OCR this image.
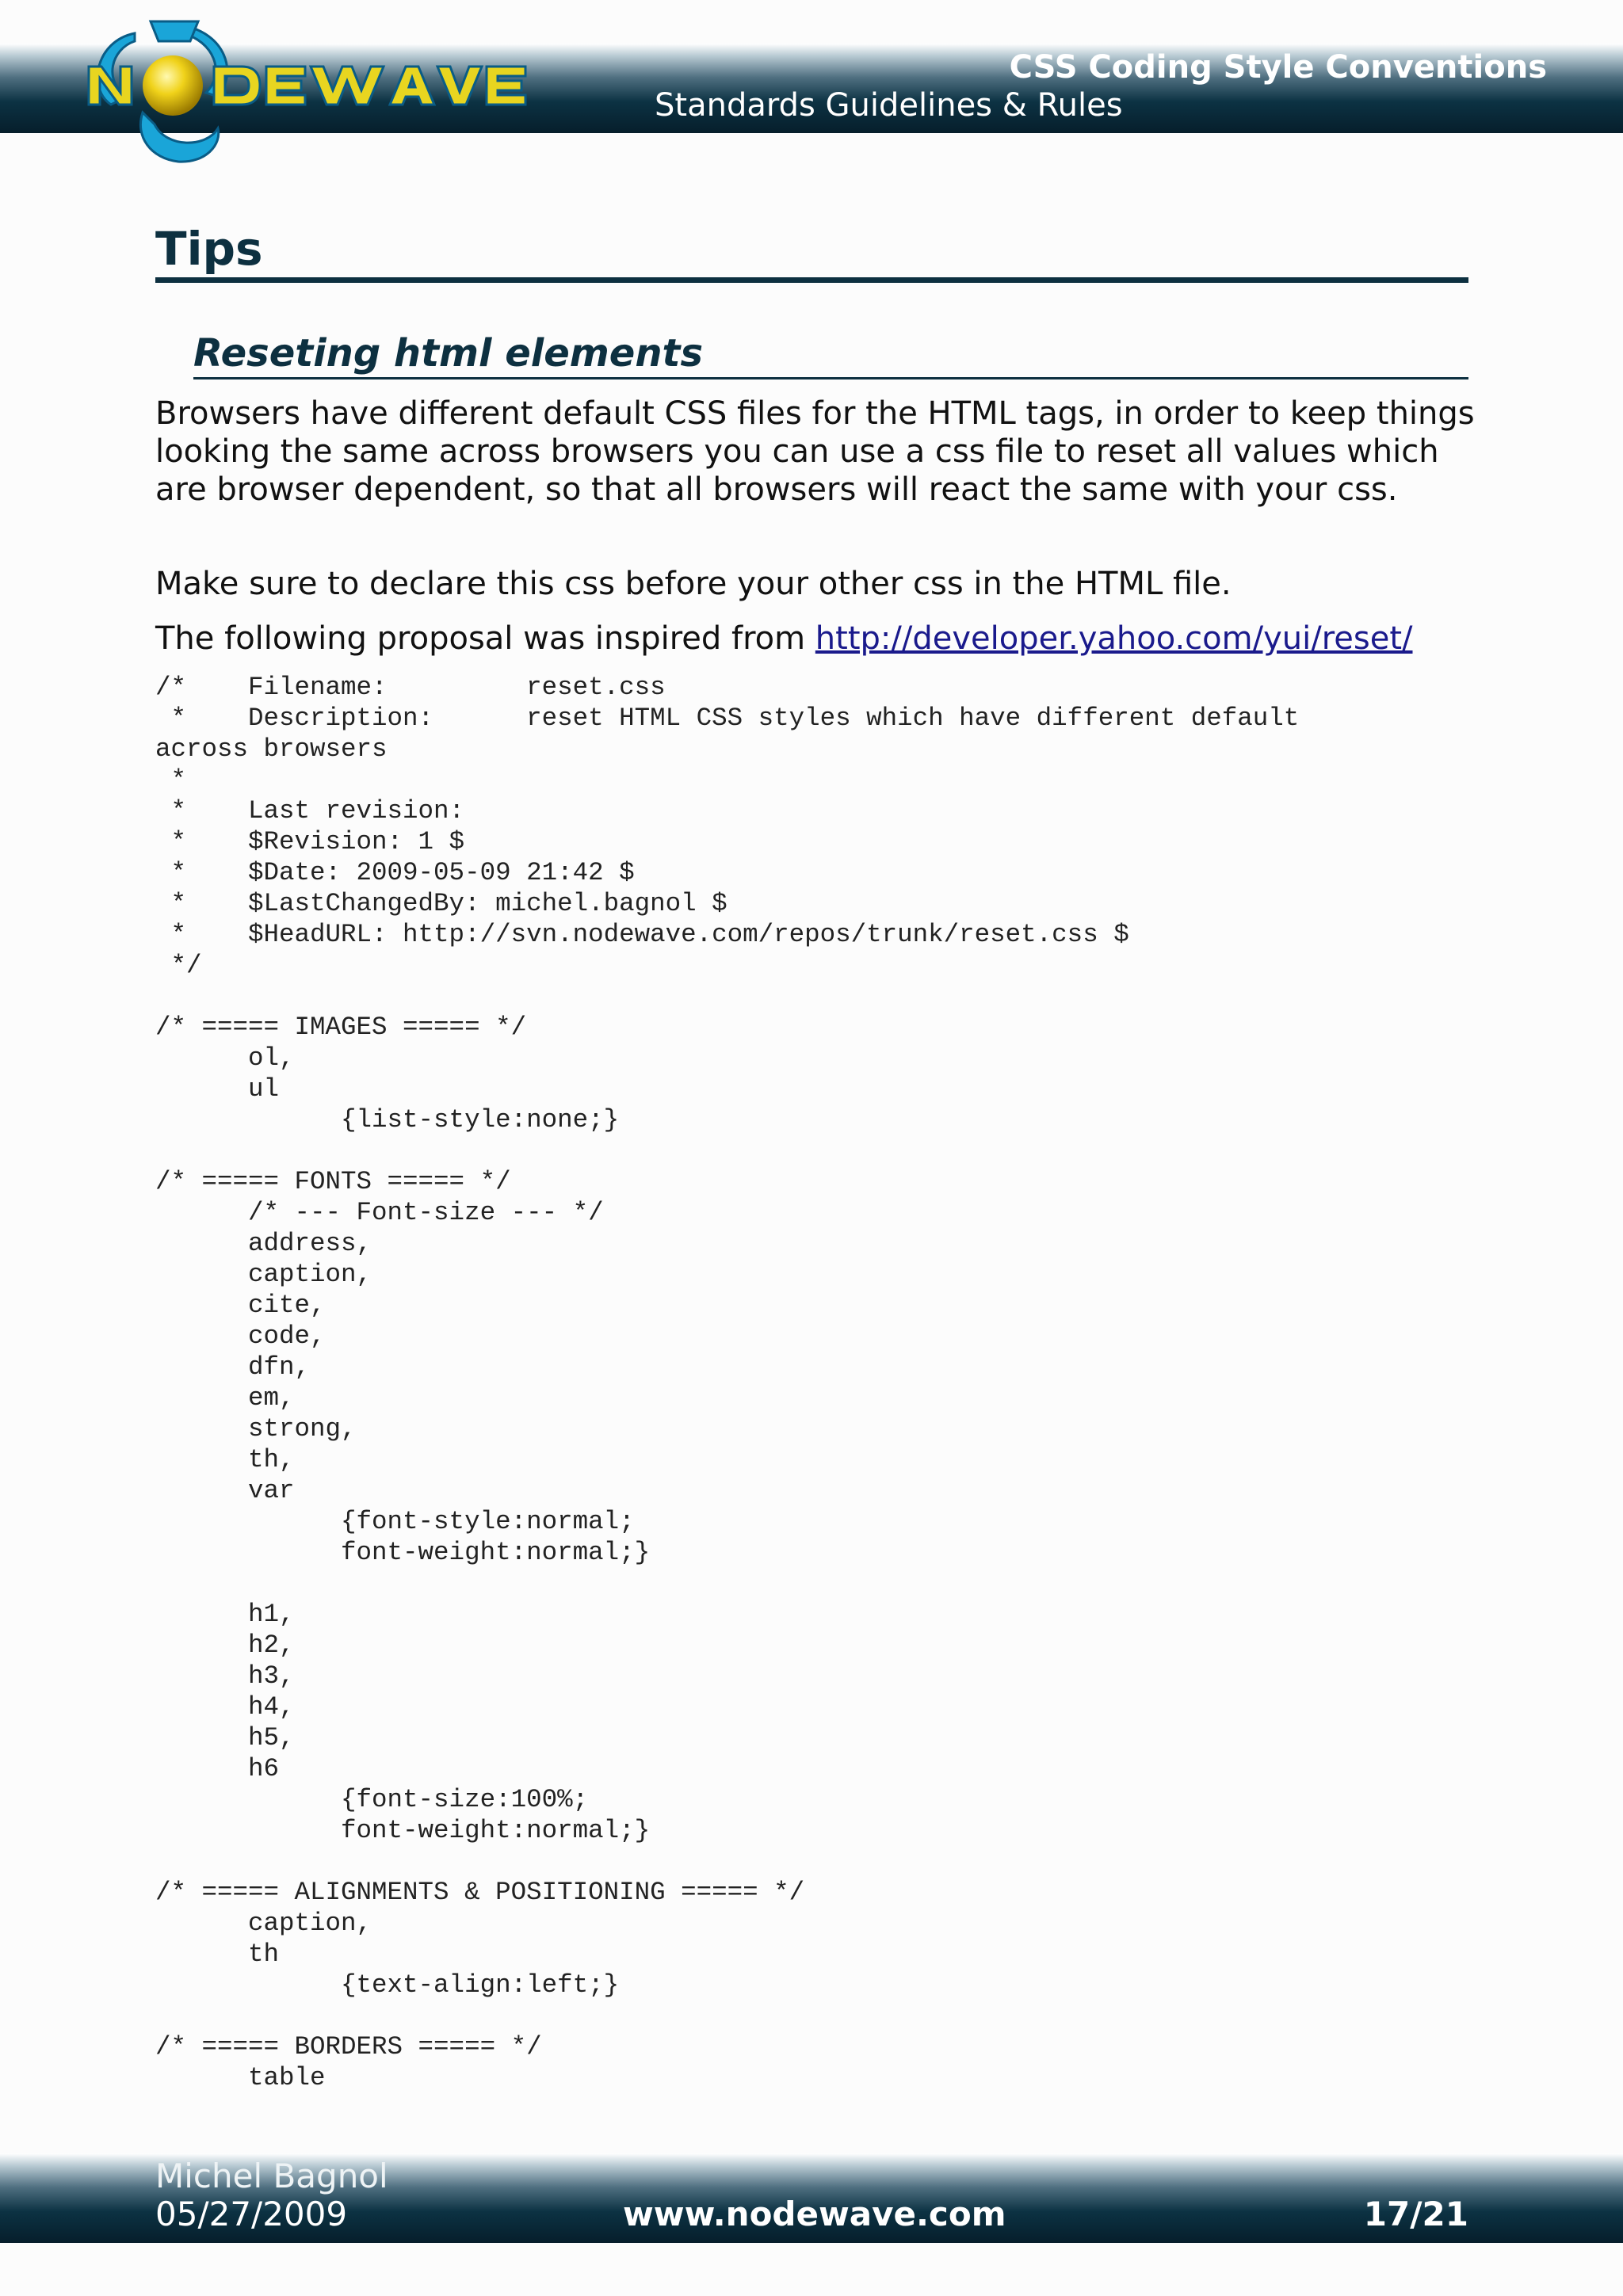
CSS Coding Style Conventions
Standards Guidelines & Rules
Tips
Reseting html elements
Browsers have different default CSS files for the HTML tags, in order to keep things looking the same across browsers you can use a css file to reset all values which are browser dependent, so that all browsers will react the same with your css.
Make sure to declare this css before your other css in the HTML file.
The following proposal was inspired from http://developer.yahoo.com/yui/reset/
/*    Filename:         reset.css
*    Description:      reset HTML CSS styles which have different default
across browsers
*
*    Last revision:
*    $Revision: 1 $
*    $Date: 2009-05-09 21:42 $
*    $LastChangedBy: michel.bagnol $
*    $HeadURL: http://svn.nodewave.com/repos/trunk/reset.css $
*/
/* ===== IMAGES ===== */
ol,
ul
{list-style:none;}
/* ===== FONTS ===== */
/* --- Font-size --- */
address,
caption,
cite,
code,
dfn,
em,
strong,
th,
var
{font-style:normal;
font-weight:normal;}
h1,
h2,
h3,
h4,
h5,
h6
{font-size:100%;
font-weight:normal;}
/* ===== ALIGNMENTS & POSITIONING ===== */
caption,
th
{text-align:left;}
/* ===== BORDERS ===== */
table
Michel Bagnol
05/27/2009	www.nodewave.com	17/21
